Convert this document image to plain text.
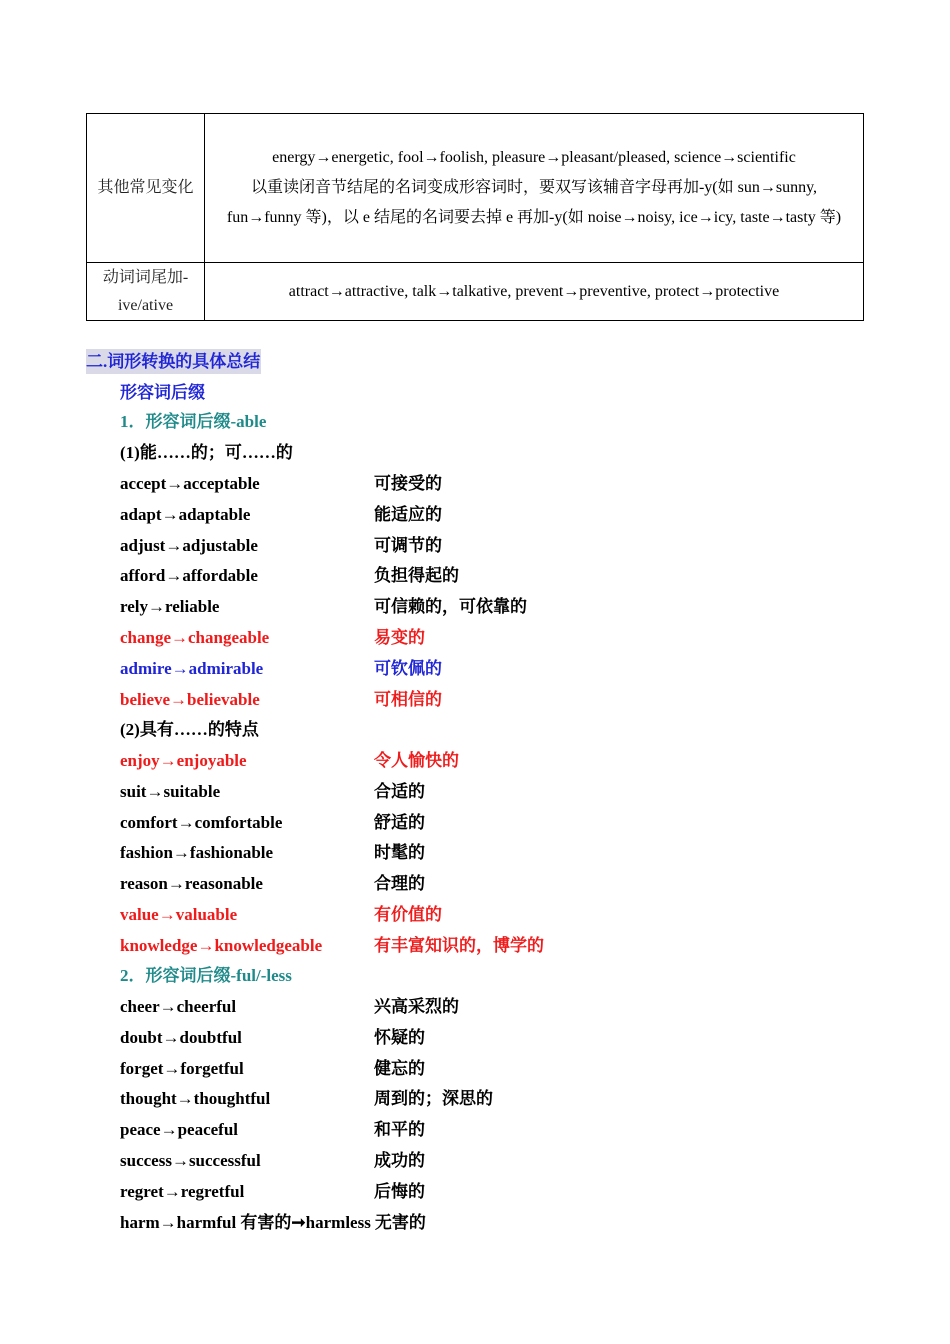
其他常见变化	energy→energetic, fool→foolish, pleasure→pleasant/pleased, science→scientific
以重读闭音节结尾的名词变成形容词时，要双写该辅音字母再加-y(如 sun→sunny,
fun→funny 等)，以 e 结尾的名词要去掉 e 再加-y(如 noise→noisy, ice→icy, taste→tasty 等)

动词词尾加-ive/ative	attract→attractive, talk→talkative, prevent→preventive, protect→protective
二.词形转换的具体总结
形容词后缀
1．形容词后缀-able
(1)能……的；可……的
accept→acceptable	可接受的
adapt→adaptable	能适应的
adjust→adjustable	可调节的
afford→affordable	负担得起的
rely→reliable	可信赖的，可依靠的
change→changeable	易变的
admire→admirable	可钦佩的
believe→believable	可相信的
(2)具有……的特点
enjoy→enjoyable	令人愉快的
suit→suitable	合适的
comfort→comfortable	舒适的
fashion→fashionable	时髦的
reason→reasonable	合理的
value→valuable	有价值的
knowledge→knowledgeable	有丰富知识的，博学的
2．形容词后缀-ful/-less
cheer→cheerful	兴高采烈的
doubt→doubtful	怀疑的
forget→forgetful	健忘的
thought→thoughtful	周到的；深思的
peace→peaceful	和平的
success→successful	成功的
regret→regretful	后悔的
harm→harmful 有害的➞harmless 无害的
